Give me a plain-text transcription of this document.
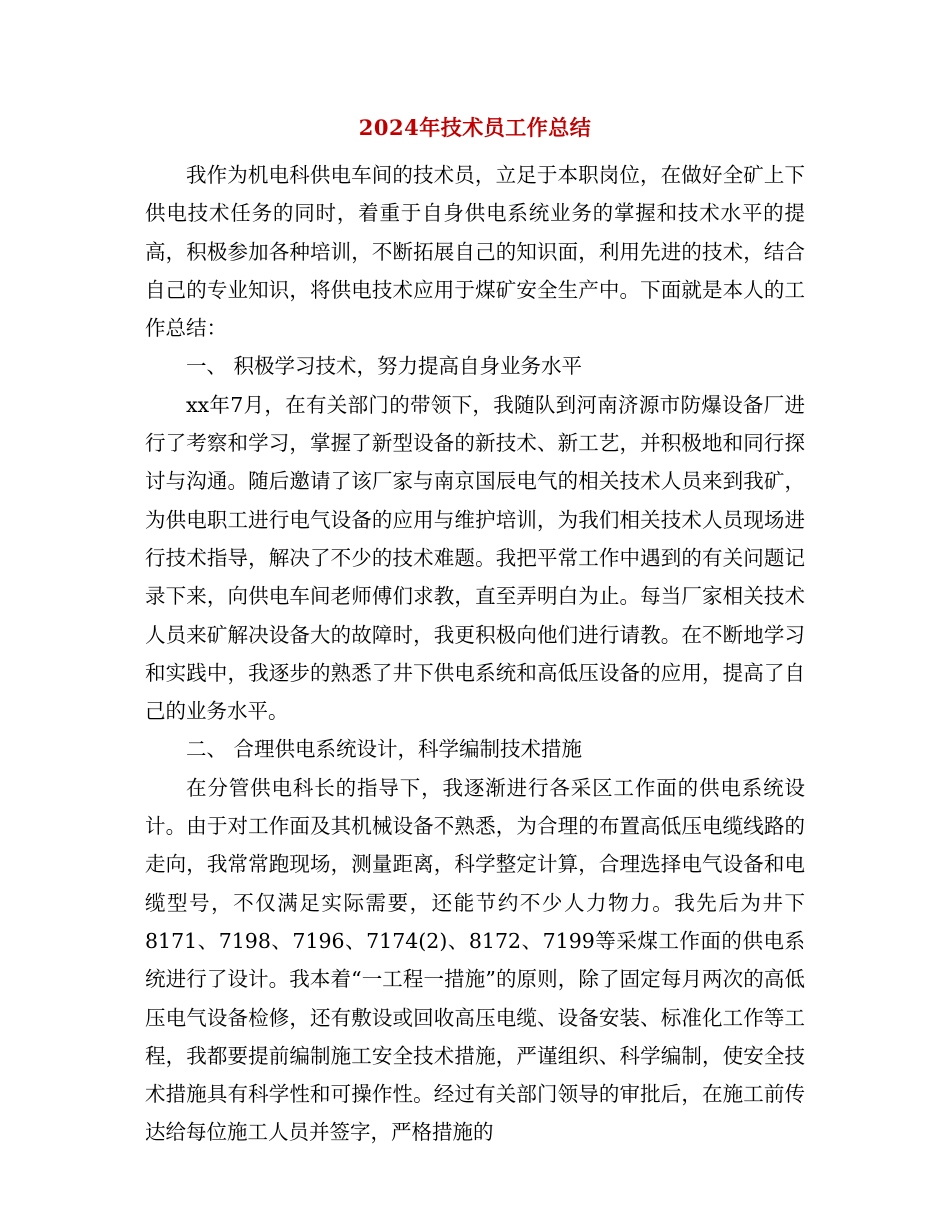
2024年技术员工作总结

我作为机电科供电车间的技术员，立足于本职岗位，在做好全矿上下供电技术任务的同时，着重于自身供电系统业务的掌握和技术水平的提高，积极参加各种培训，不断拓展自己的知识面，利用先进的技术，结合自己的专业知识，将供电技术应用于煤矿安全生产中。下面就是本人的工作总结：

一、 积极学习技术，努力提高自身业务水平

xx年7月，在有关部门的带领下，我随队到河南济源市防爆设备厂进行了考察和学习，掌握了新型设备的新技术、新工艺，并积极地和同行探讨与沟通。随后邀请了该厂家与南京国辰电气的相关技术人员来到我矿，为供电职工进行电气设备的应用与维护培训，为我们相关技术人员现场进行技术指导，解决了不少的技术难题。我把平常工作中遇到的有关问题记录下来，向供电车间老师傅们求教，直至弄明白为止。每当厂家相关技术人员来矿解决设备大的故障时，我更积极向他们进行请教。在不断地学习和实践中，我逐步的熟悉了井下供电系统和高低压设备的应用，提高了自己的业务水平。

二、 合理供电系统设计，科学编制技术措施

在分管供电科长的指导下，我逐渐进行各采区工作面的供电系统设计。由于对工作面及其机械设备不熟悉，为合理的布置高低压电缆线路的走向，我常常跑现场，测量距离，科学整定计算，合理选择电气设备和电缆型号，不仅满足实际需要，还能节约不少人力物力。我先后为井下8171、7198、7196、7174(2)、8172、7199等采煤工作面的供电系统进行了设计。我本着“一工程一措施”的原则，除了固定每月两次的高低压电气设备检修，还有敷设或回收高压电缆、设备安装、标准化工作等工程，我都要提前编制施工安全技术措施，严谨组织、科学编制，使安全技术措施具有科学性和可操作性。经过有关部门领导的审批后，在施工前传达给每位施工人员并签字，严格措施的
